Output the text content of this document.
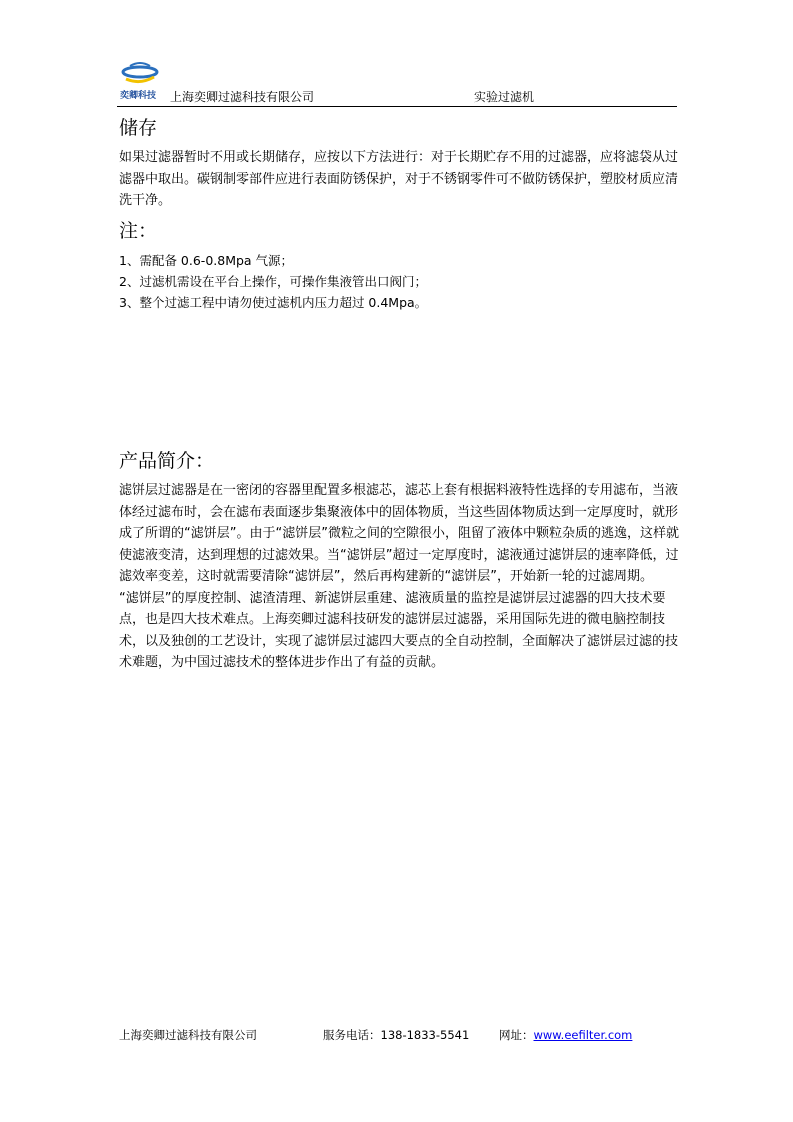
奕卿科技 上海奕卿过滤科技有限公司	实验过滤机
储存

如果过滤器暂时不用或长期储存，应按以下方法进行：对于长期贮存不用的过滤器，应将滤袋从过滤器中取出。碳钢制零部件应进行表面防锈保护，对于不锈钢零件可不做防锈保护，塑胶材质应清洗干净。

注：
1、需配备 0.6-0.8Mpa 气源；
2、过滤机需设在平台上操作，可操作集液管出口阀门；
3、整个过滤工程中请勿使过滤机内压力超过 0.4Mpa。
产品简介：

滤饼层过滤器是在一密闭的容器里配置多根滤芯，滤芯上套有根据料液特性选择的专用滤布，当液体经过滤布时，会在滤布表面逐步集聚液体中的固体物质，当这些固体物质达到一定厚度时，就形成了所谓的“滤饼层”。由于“滤饼层”微粒之间的空隙很小，阻留了液体中颗粒杂质的逃逸，这样就使滤液变清，达到理想的过滤效果。当“滤饼层”超过一定厚度时，滤液通过滤饼层的速率降低，过滤效率变差，这时就需要清除“滤饼层”，然后再构建新的“滤饼层”，开始新一轮的过滤周期。

“滤饼层”的厚度控制、滤渣清理、新滤饼层重建、滤液质量的监控是滤饼层过滤器的四大技术要点，也是四大技术难点。上海奕卿过滤科技研发的滤饼层过滤器，采用国际先进的微电脑控制技术，以及独创的工艺设计，实现了滤饼层过滤四大要点的全自动控制，全面解决了滤饼层过滤的技术难题，为中国过滤技术的整体进步作出了有益的贡献。

上海奕卿过滤科技有限公司	服务电话：138-1833-5541	网址：www.eefilter.com
